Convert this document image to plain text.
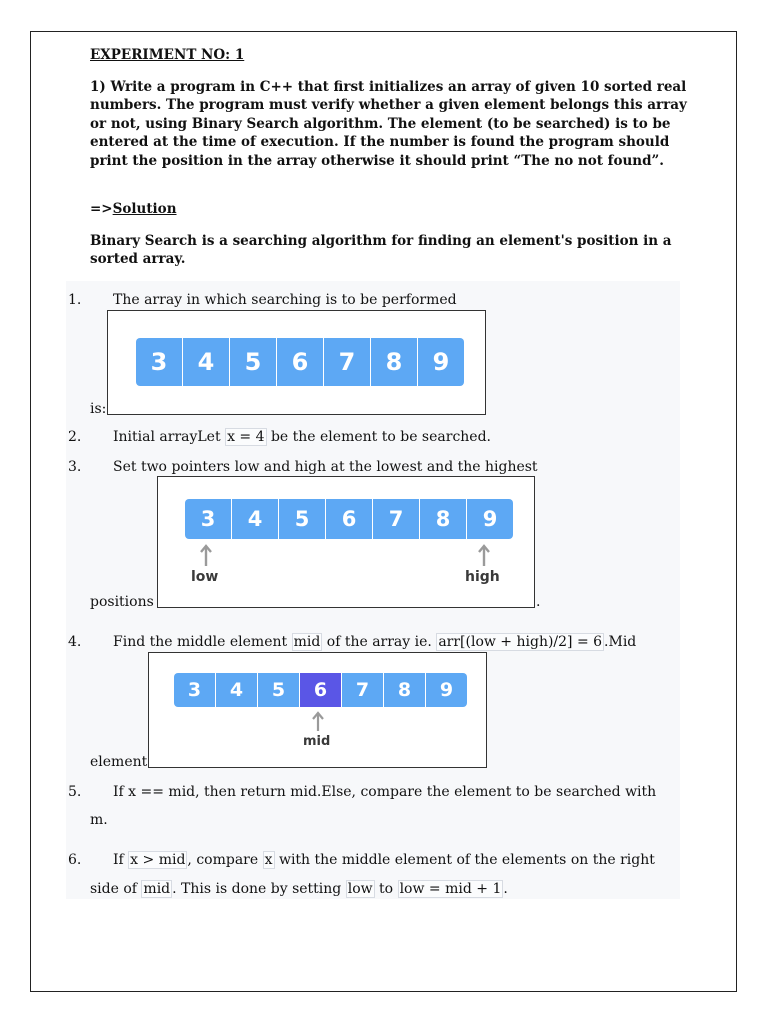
EXPERIMENT NO: 1
1) Write a program in C++ that first initializes an array of given 10 sorted real numbers. The program must verify whether a given element belongs this array or not, using Binary Search algorithm. The element (to be searched) is to be entered at the time of execution. If the number is found the program should print the position in the array otherwise it should print “The no not found”.
=>Solution
Binary Search is a searching algorithm for finding an element's position in a sorted array.
1. The array in which searching is to be performed
3	4	5	6	7	8	9
is:
2. Initial arrayLet x = 4 be the element to be searched.
3. Set two pointers low and high at the lowest and the highest
3	4	5	6	7	8	9
low	high
positions	.
4. Find the middle element mid of the array ie. arr[(low + high)/2] = 6 .Mid
3	4	5	6	7	8	9
mid
element
5. If x == mid, then return mid.Else, compare the element to be searched with
m.
6. If x > mid , compare x with the middle element of the elements on the right
side of mid . This is done by setting low to low = mid + 1 .
